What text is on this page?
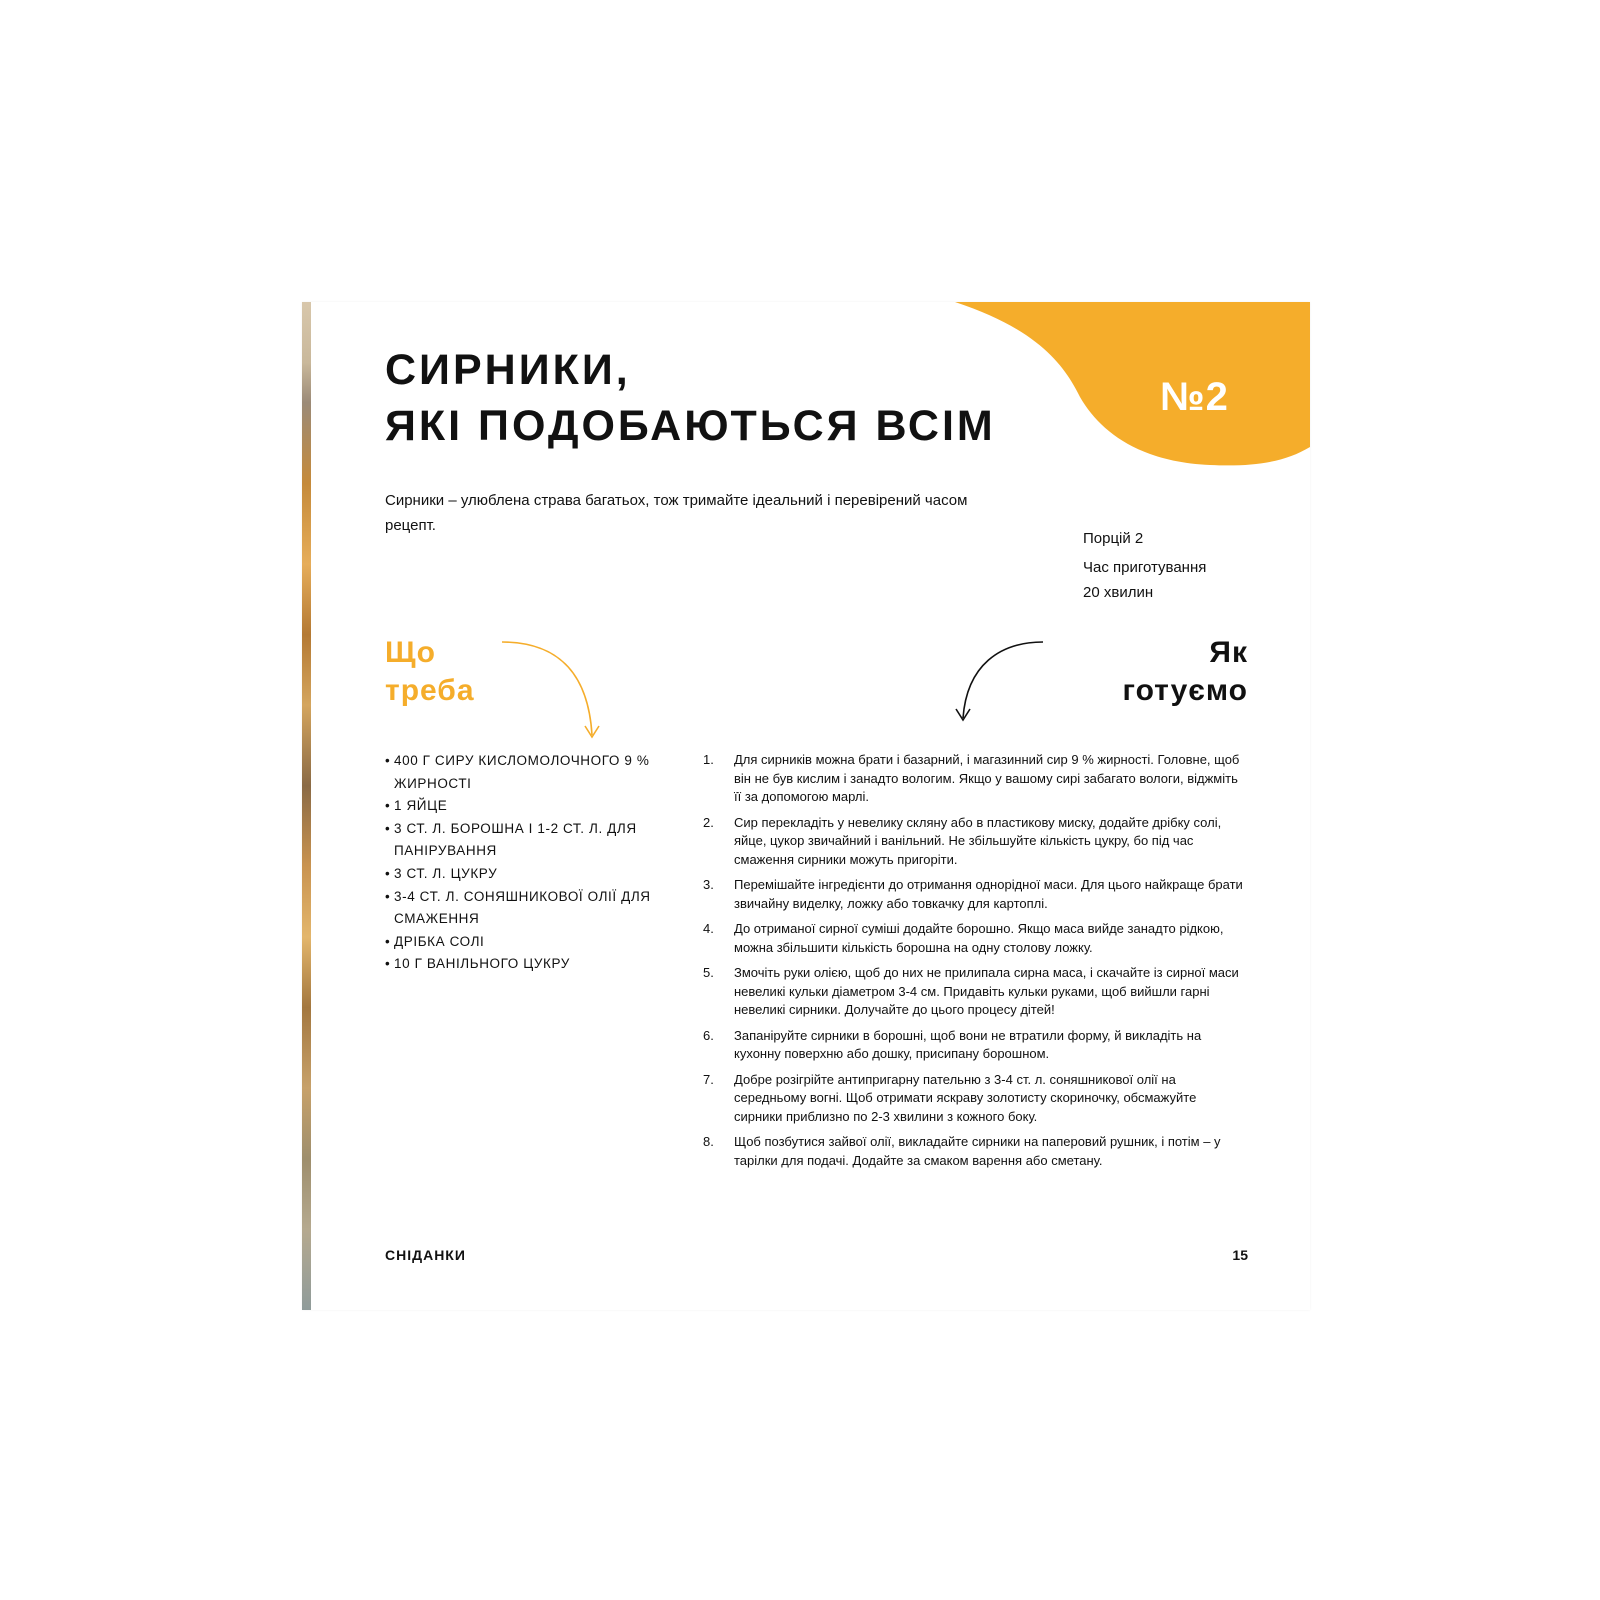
№2
СИРНИКИ,
ЯКІ ПОДОБАЮТЬСЯ ВСІМ

Сирники – улюблена страва багатьох, тож тримайте ідеальний і перевірений часом рецепт.

Порцій 2
Час приготування
20 хвилин
Що
треба
Як
готуємо
• 400 Г СИРУ КИСЛОМОЛОЧНОГО 9 % ЖИРНОСТІ
• 1 ЯЙЦЕ
• 3 СТ. Л. БОРОШНА І 1-2 СТ. Л. ДЛЯ ПАНІРУВАННЯ
• 3 СТ. Л. ЦУКРУ
• 3-4 СТ. Л. СОНЯШНИКОВОЇ ОЛІЇ ДЛЯ СМАЖЕННЯ
• ДРІБКА СОЛІ
• 10 Г ВАНІЛЬНОГО ЦУКРУ
1. Для сирників можна брати і базарний, і магазинний сир 9 % жирності. Головне, щоб він не був кислим і занадто вологим. Якщо у вашому сирі забагато вологи, віджміть її за допомогою марлі.
2. Сир перекладіть у невелику скляну або в пластикову миску, додайте дрібку солі, яйце, цукор звичайний і ванільний. Не збільшуйте кількість цукру, бо під час смаження сирники можуть пригоріти.
3. Перемішайте інгредієнти до отримання однорідної маси. Для цього найкраще брати звичайну виделку, ложку або товкачку для картоплі.
4. До отриманої сирної суміші додайте борошно. Якщо маса вийде занадто рідкою, можна збільшити кількість борошна на одну столову ложку.
5. Змочіть руки олією, щоб до них не прилипала сирна маса, і скачайте із сирної маси невеликі кульки діаметром 3-4 см. Придавіть кульки руками, щоб вийшли гарні невеликі сирники. Долучайте до цього процесу дітей!
6. Запаніруйте сирники в борошні, щоб вони не втратили форму, й викладіть на кухонну поверхню або дошку, присипану борошном.
7. Добре розігрійте антипригарну пательню з 3-4 ст. л. соняшникової олії на середньому вогні. Щоб отримати яскраву золотисту скориночку, обсмажуйте сирники приблизно по 2-3 хвилини з кожного боку.
8. Щоб позбутися зайвої олії, викладайте сирники на паперовий рушник, і потім – у тарілки для подачі. Додайте за смаком варення або сметану.
СНІДАНКИ	15
